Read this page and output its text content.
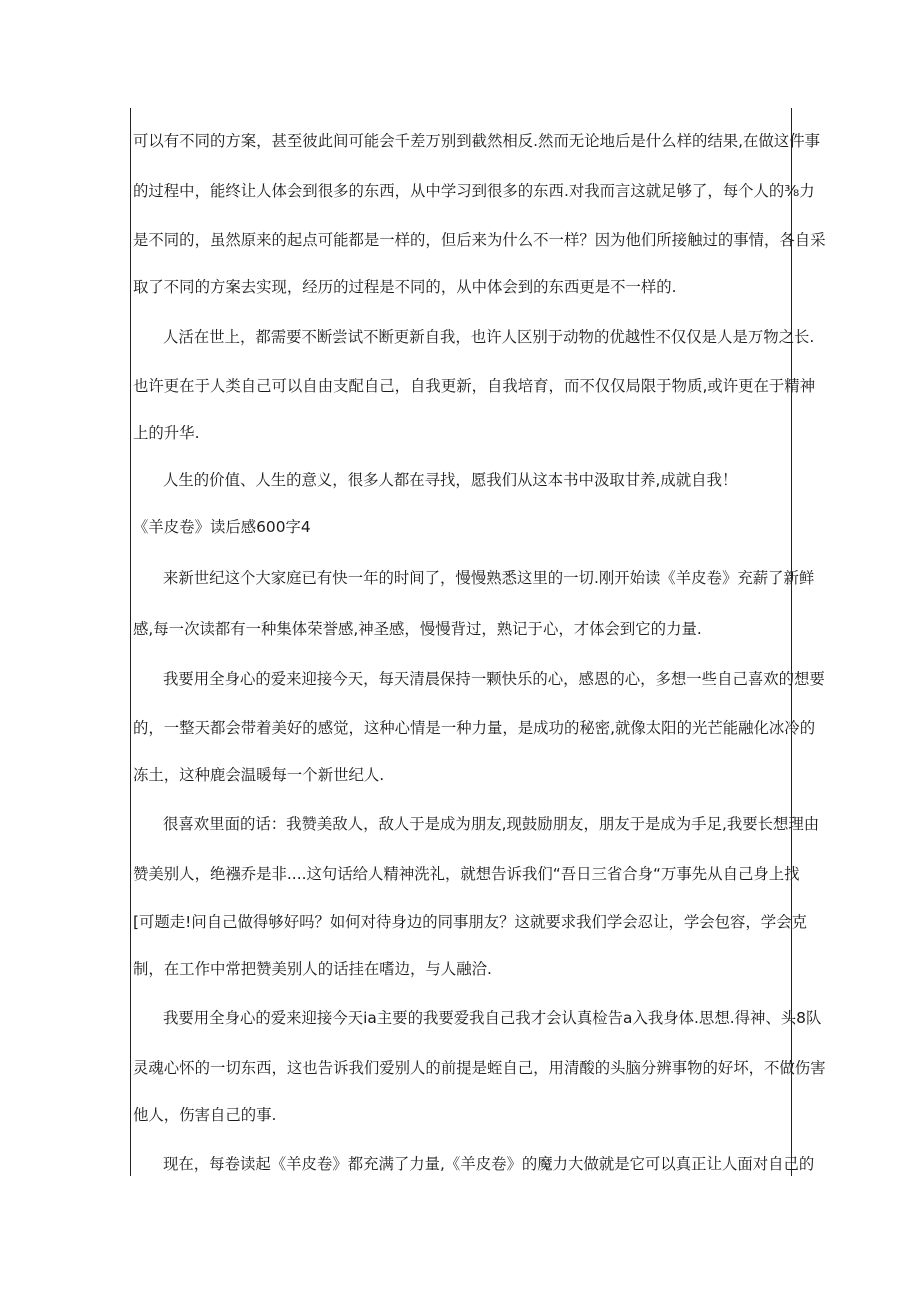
可以有不同的方案，甚至彼此间可能会千差万别到截然相反.然而无论地后是什么样的结果,在做这件事
的过程中，能终让人体会到很多的东西，从中学习到很多的东西.对我而言这就足够了，每个人的⅜力
是不同的，虽然原来的起点可能都是一样的，但后来为什么不一样？因为他们所接触过的事情，各自采
取了不同的方案去实现，经历的过程是不同的，从中体会到的东西更是不一样的.
人活在世上，都需要不断尝试不断更新自我，也许人区别于动物的优越性不仅仅是人是万物之长.
也许更在于人类自己可以自由支配自己，自我更新，自我培育，而不仅仅局限于物质,或许更在于精神
上的升华.
人生的价值、人生的意义，很多人都在寻找，愿我们从这本书中汲取甘养,成就自我！
《羊皮卷》读后感600字4
来新世纪这个大家庭已有快一年的时间了，慢慢熟悉这里的一切.刚开始读《羊皮卷》充薪了新鲜
感,每一次读都有一种集体荣誉感,神圣感，慢慢背过，熟记于心，才体会到它的力量.
我要用全身心的爱来迎接今天，每天清晨保持一颗快乐的心，感恩的心，多想一些自己喜欢的想要
的，一整天都会带着美好的感觉，这种心情是一种力量，是成功的秘密,就像太阳的光芒能融化冰冷的
冻土，这种鹿会温暖每一个新世纪人.
很喜欢里面的话：我赞美敌人，敌人于是成为朋友,现鼓励朋友，朋友于是成为手足,我要长想理由
赞美别人，绝襁乔是非....这句话给人精神洗礼，就想告诉我们“吾日三省合身“万事先从自己身上找
[可题走!问自己做得够好吗？如何对待身边的同事朋友？这就要求我们学会忍让，学会包容，学会克
制，在工作中常把赞美别人的话挂在嗜边，与人融洽.
我要用全身心的爱来迎接今天ia主要的我要爱我自己我才会认真检告a入我身体.思想.得神、头8队
灵魂心怀的一切东西，这也告诉我们爱别人的前提是蛭自己，用清酸的头脑分辨事物的好坏，不做伤害
他人，伤害自己的事.
现在，每卷读起《羊皮卷》都充满了力量,《羊皮卷》的魔力大做就是它可以真正让人面对自己的
